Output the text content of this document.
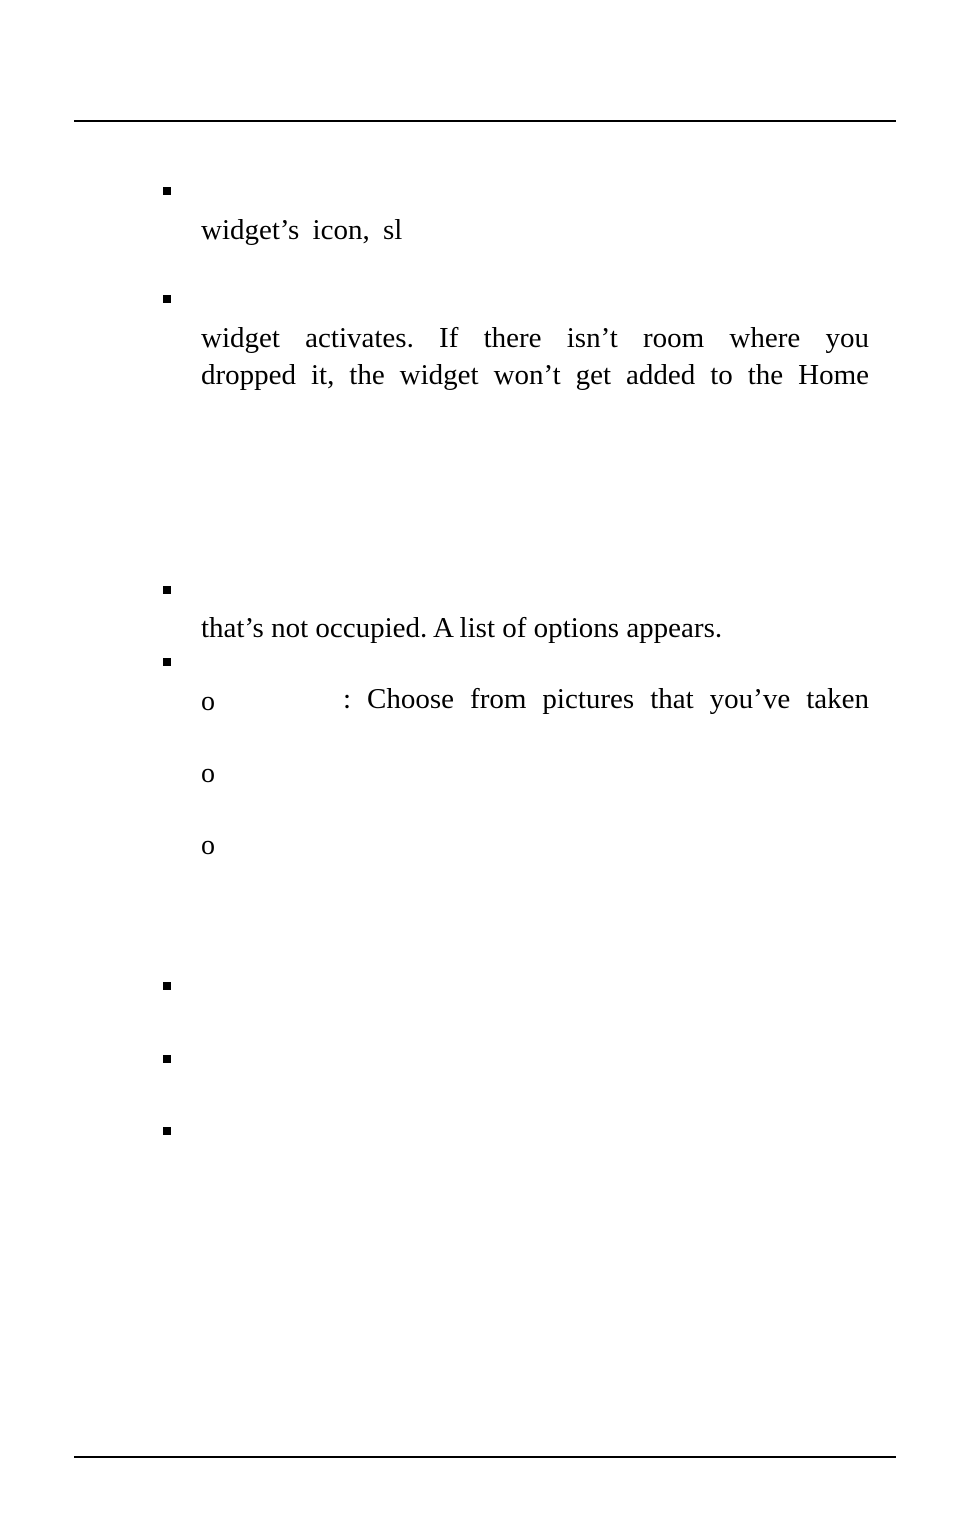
widget’s icon, sl
widget activates. If there isn’t room where you
dropped it, the widget won’t get added to the Home
that’s not occupied. A list of options appears.
o	: Choose from pictures that you’ve taken
o
o
